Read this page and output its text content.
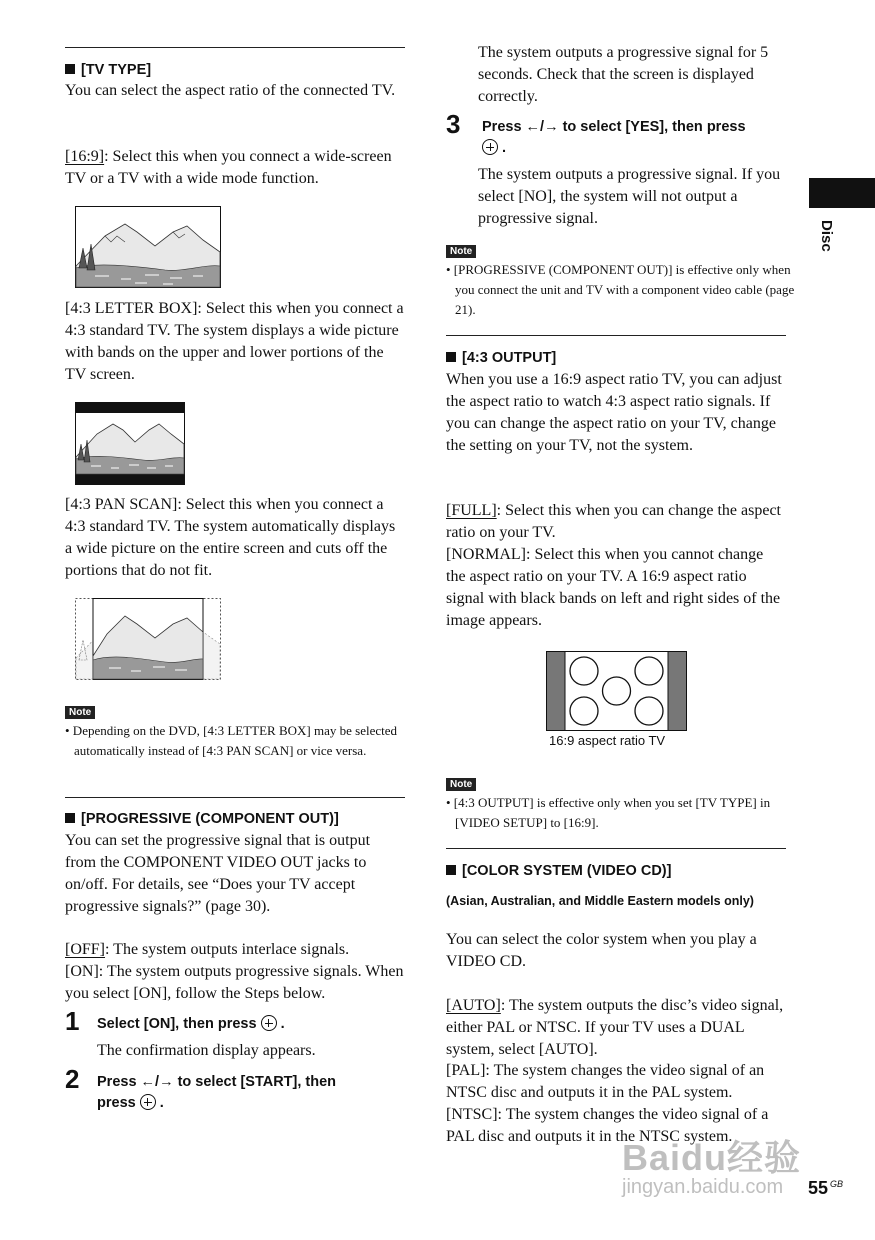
Disc

[TV TYPE]

You can select the aspect ratio of the connected TV.

[16:9]: Select this when you connect a wide-screen TV or a TV with a wide mode function.

[4:3 LETTER BOX]: Select this when you connect a 4:3 standard TV. The system displays a wide picture with bands on the upper and lower portions of the TV screen.

[4:3 PAN SCAN]: Select this when you connect a 4:3 standard TV. The system automatically displays a wide picture on the entire screen and cuts off the portions that do not fit.

Note

• Depending on the DVD, [4:3 LETTER BOX] may be selected automatically instead of [4:3 PAN SCAN] or vice versa.

[PROGRESSIVE (COMPONENT OUT)]

You can set the progressive signal that is output from the COMPONENT VIDEO OUT jacks to on/off. For details, see “Does your TV accept progressive signals?” (page 30).

[OFF]: The system outputs interlace signals.

[ON]: The system outputs progressive signals. When you select [ON], follow the Steps below.

1 Select [ON], then press .

The confirmation display appears.

2 Press ←/→ to select [START], then
press .

The system outputs a progressive signal for 5 seconds. Check that the screen is displayed correctly.

3 Press ←/→ to select [YES], then press
.

The system outputs a progressive signal. If you select [NO], the system will not output a progressive signal.

Note

• [PROGRESSIVE (COMPONENT OUT)] is effective only when you connect the unit and TV with a component video cable (page 21).

[4:3 OUTPUT]

When you use a 16:9 aspect ratio TV, you can adjust the aspect ratio to watch 4:3 aspect ratio signals. If you can change the aspect ratio on your TV, change the setting on your TV, not the system.

[FULL]: Select this when you can change the aspect ratio on your TV.

[NORMAL]: Select this when you cannot change the aspect ratio on your TV. A 16:9 aspect ratio signal with black bands on left and right sides of the image appears.

16:9 aspect ratio TV
Note

• [4:3 OUTPUT] is effective only when you set [TV TYPE] in [VIDEO SETUP] to [16:9].

[COLOR SYSTEM (VIDEO CD)]

(Asian, Australian, and Middle Eastern models only)

You can select the color system when you play a VIDEO CD.

[AUTO]: The system outputs the disc’s video signal, either PAL or NTSC. If your TV uses a DUAL system, select [AUTO].

[PAL]: The system changes the video signal of an NTSC disc and outputs it in the PAL system.

[NTSC]: The system changes the video signal of a PAL disc and outputs it in the NTSC system.

Baidu经验
jingyan.baidu.com 55 $^{GB}$
